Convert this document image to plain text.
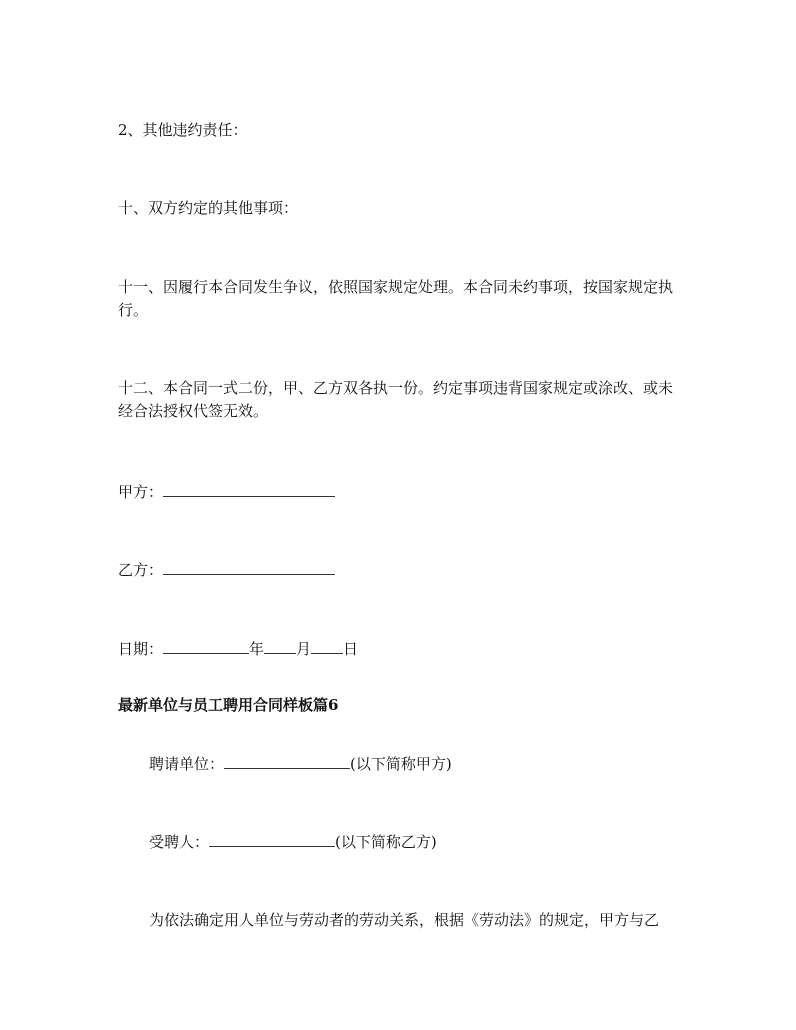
2、其他违约责任：

十、双方约定的其他事项：

十一、因履行本合同发生争议，依照国家规定处理。本合同未约事项，按国家规定执行。

十二、本合同一式二份，甲、乙方双各执一份。约定事项违背国家规定或涂改、或未经合法授权代签无效。

甲方：

乙方：

日期：	年 月 日

最新单位与员工聘用合同样板篇6

聘请单位：	(以下简称甲方)

受聘人：	(以下简称乙方)

为依法确定用人单位与劳动者的劳动关系，根据《劳动法》的规定，甲方与乙
